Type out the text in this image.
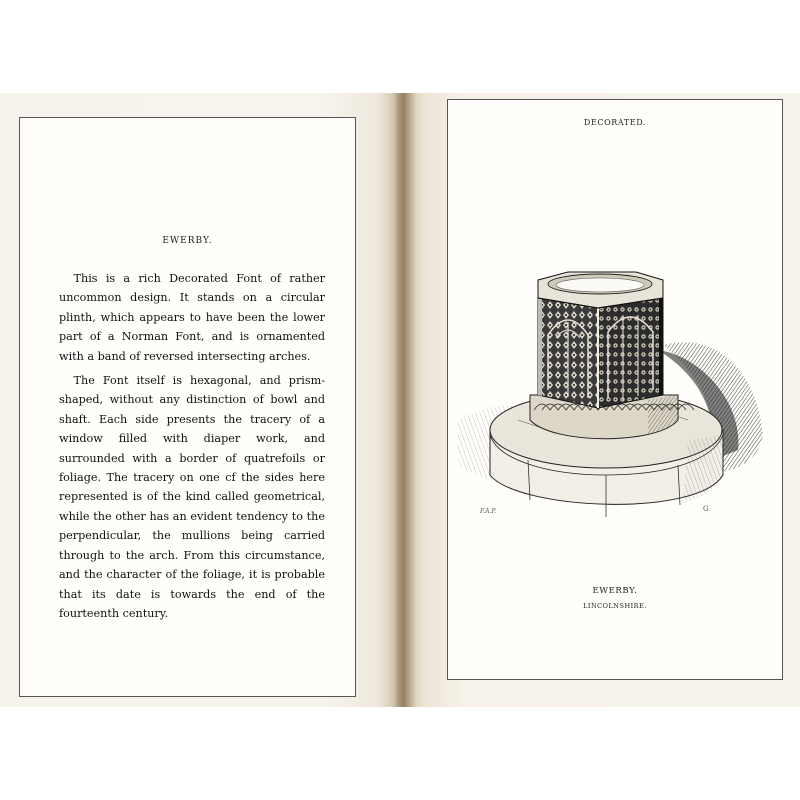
EWERBY.

This is a rich Decorated Font of rather uncommon design. It stands on a circular plinth, which appears to have been the lower part of a Norman Font, and is ornamented with a band of reversed intersecting arches.

The Font itself is hexagonal, and prism-shaped, without any distinction of bowl and shaft. Each side presents the tracery of a window filled with diaper work, and surrounded with a border of quatrefoils or foliage. The tracery on one cf the sides here represented is of the kind called geometrical, while the other has an evident tendency to the perpendicular, the mullions being carried through to the arch. From this circumstance, and the character of the foliage, it is probable that its date is towards the end of the fourteenth century.

DECORATED.
F.A.P.	G
EWERBY.
LINCOLNSHIRE.
